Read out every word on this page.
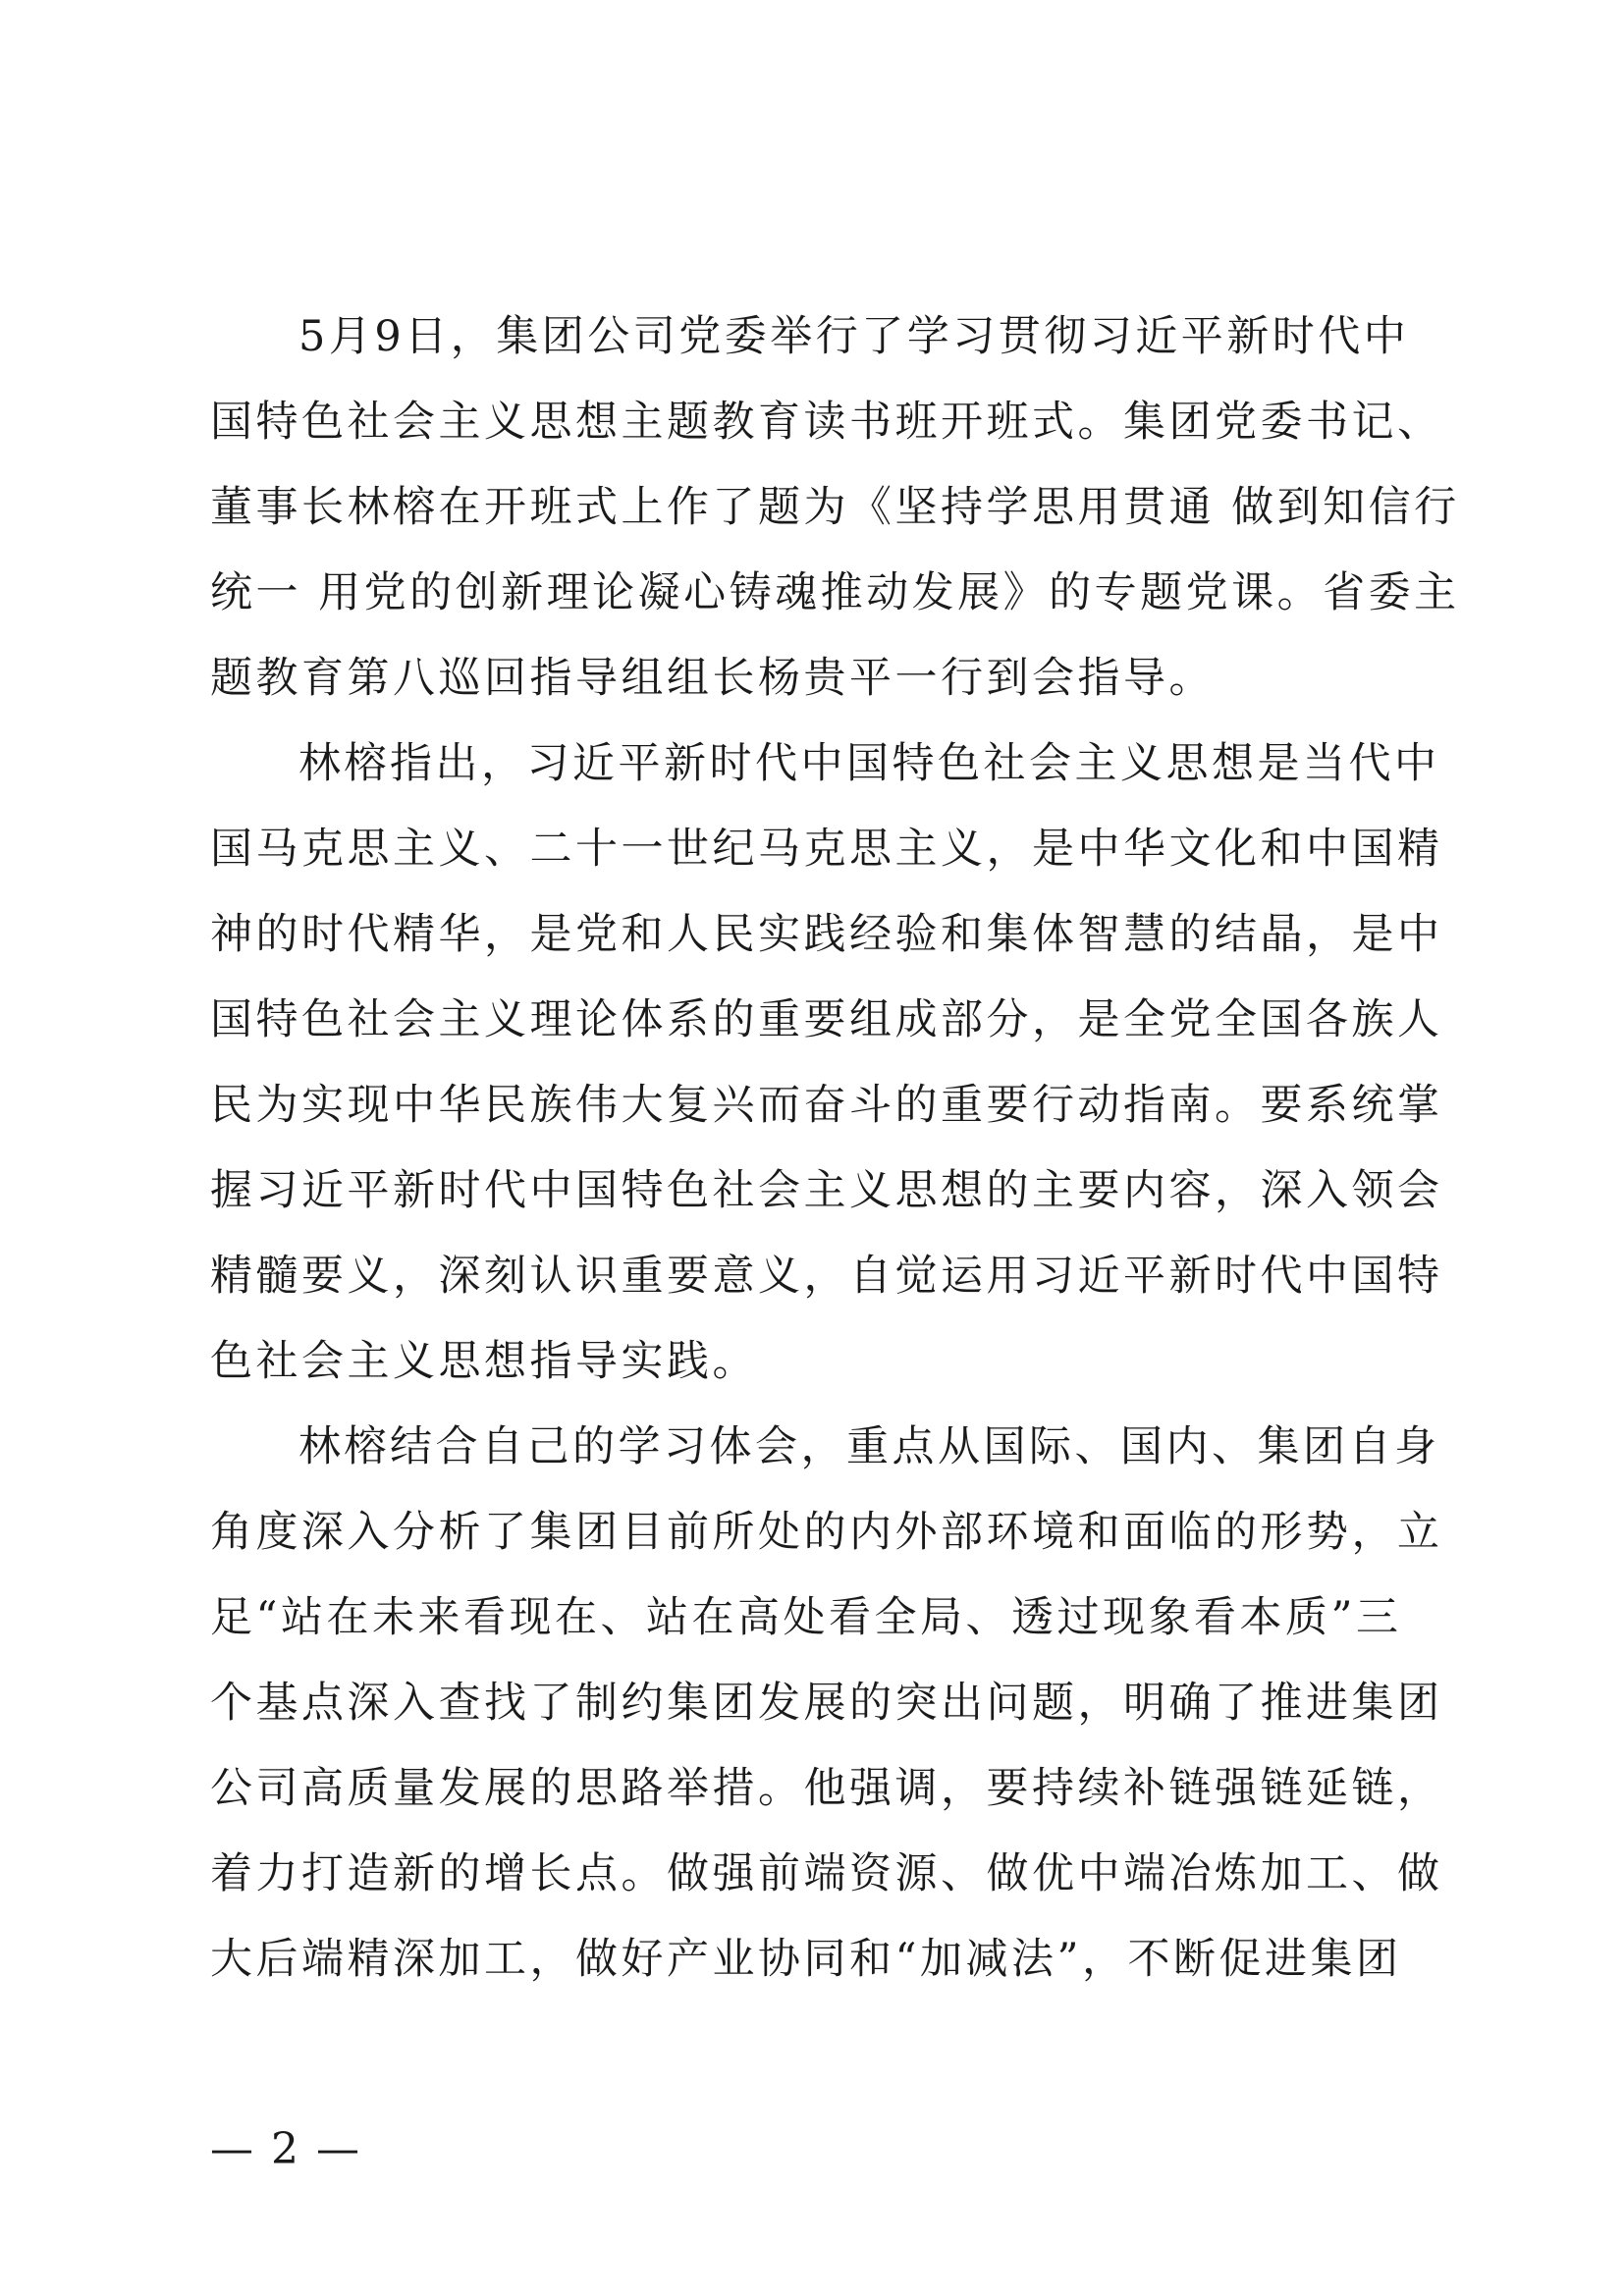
5月9日，集团公司党委举行了学习贯彻习近平新时代中
国特色社会主义思想主题教育读书班开班式。集团党委书记、
董事长林榕在开班式上作了题为《坚持学思用贯通 做到知信行
统一 用党的创新理论凝心铸魂推动发展》的专题党课。省委主
题教育第八巡回指导组组长杨贵平一行到会指导。
林榕指出，习近平新时代中国特色社会主义思想是当代中
国马克思主义、二十一世纪马克思主义，是中华文化和中国精
神的时代精华，是党和人民实践经验和集体智慧的结晶，是中
国特色社会主义理论体系的重要组成部分，是全党全国各族人
民为实现中华民族伟大复兴而奋斗的重要行动指南。要系统掌
握习近平新时代中国特色社会主义思想的主要内容，深入领会
精髓要义，深刻认识重要意义，自觉运用习近平新时代中国特
色社会主义思想指导实践。
林榕结合自己的学习体会，重点从国际、国内、集团自身
角度深入分析了集团目前所处的内外部环境和面临的形势，立
足“站在未来看现在、站在高处看全局、透过现象看本质”三
个基点深入查找了制约集团发展的突出问题，明确了推进集团
公司高质量发展的思路举措。他强调，要持续补链强链延链，
着力打造新的增长点。做强前端资源、做优中端冶炼加工、做
大后端精深加工，做好产业协同和“加减法”，不断促进集团
— 2 —
